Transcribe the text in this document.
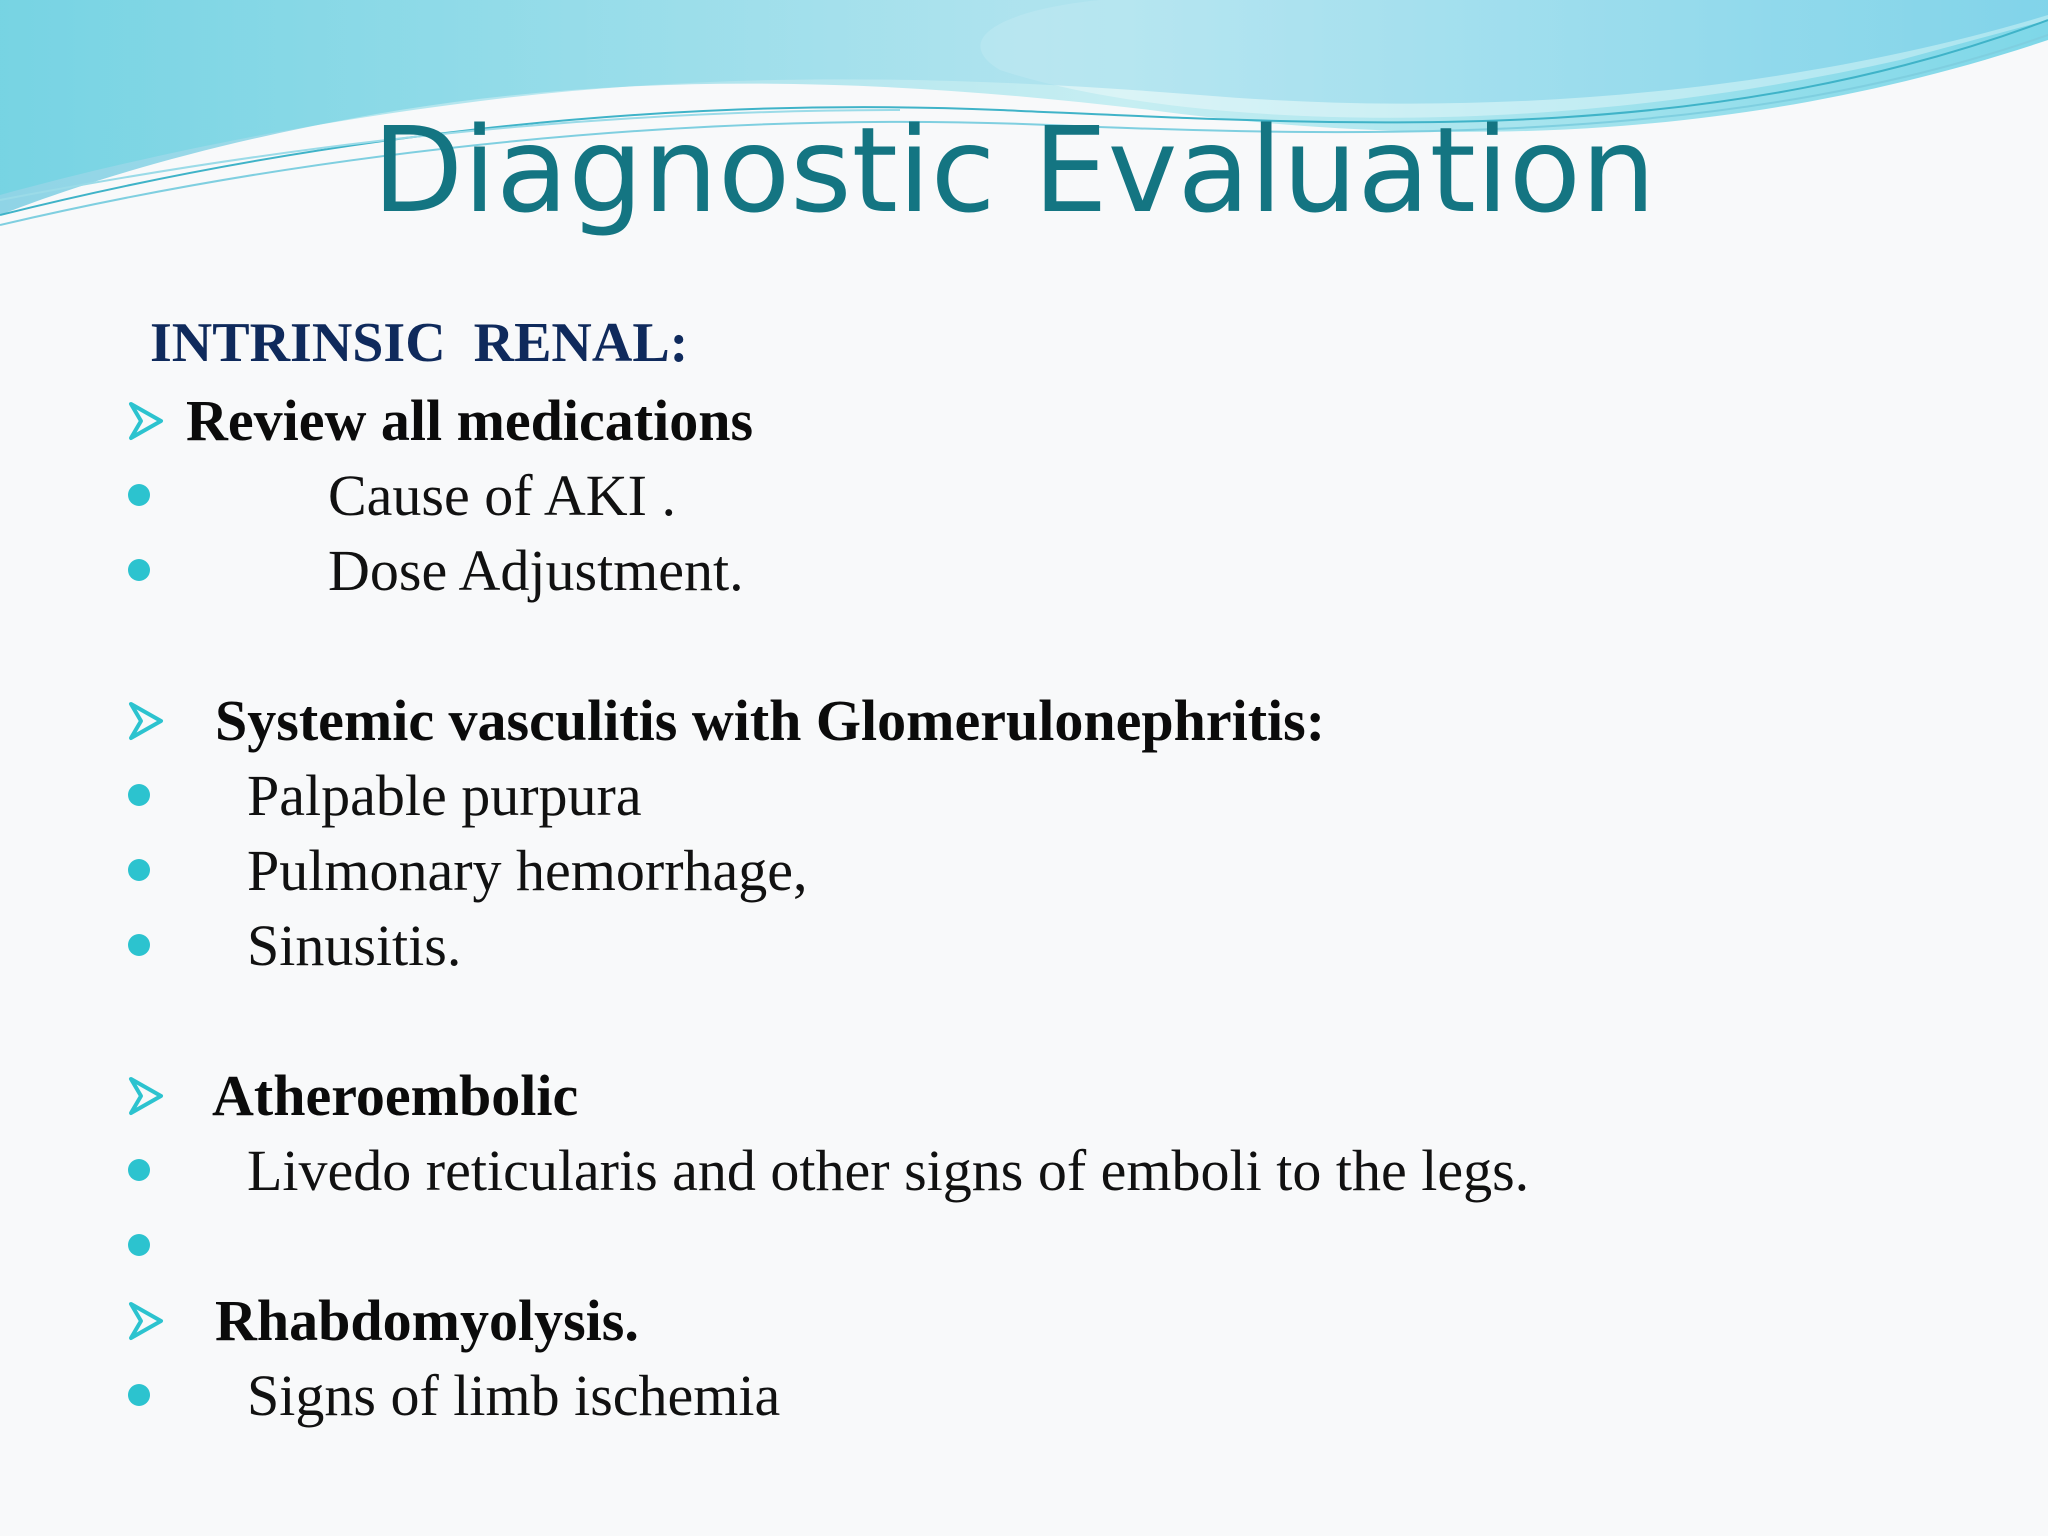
Diagnostic Evaluation
INTRINSIC  RENAL:
Review all medications
Cause of AKI .
Dose Adjustment.
Systemic vasculitis with Glomerulonephritis:
Palpable purpura
Pulmonary hemorrhage,
Sinusitis.
Atheroembolic
Livedo reticularis and other signs of emboli to the legs.
Rhabdomyolysis.
Signs of limb ischemia
